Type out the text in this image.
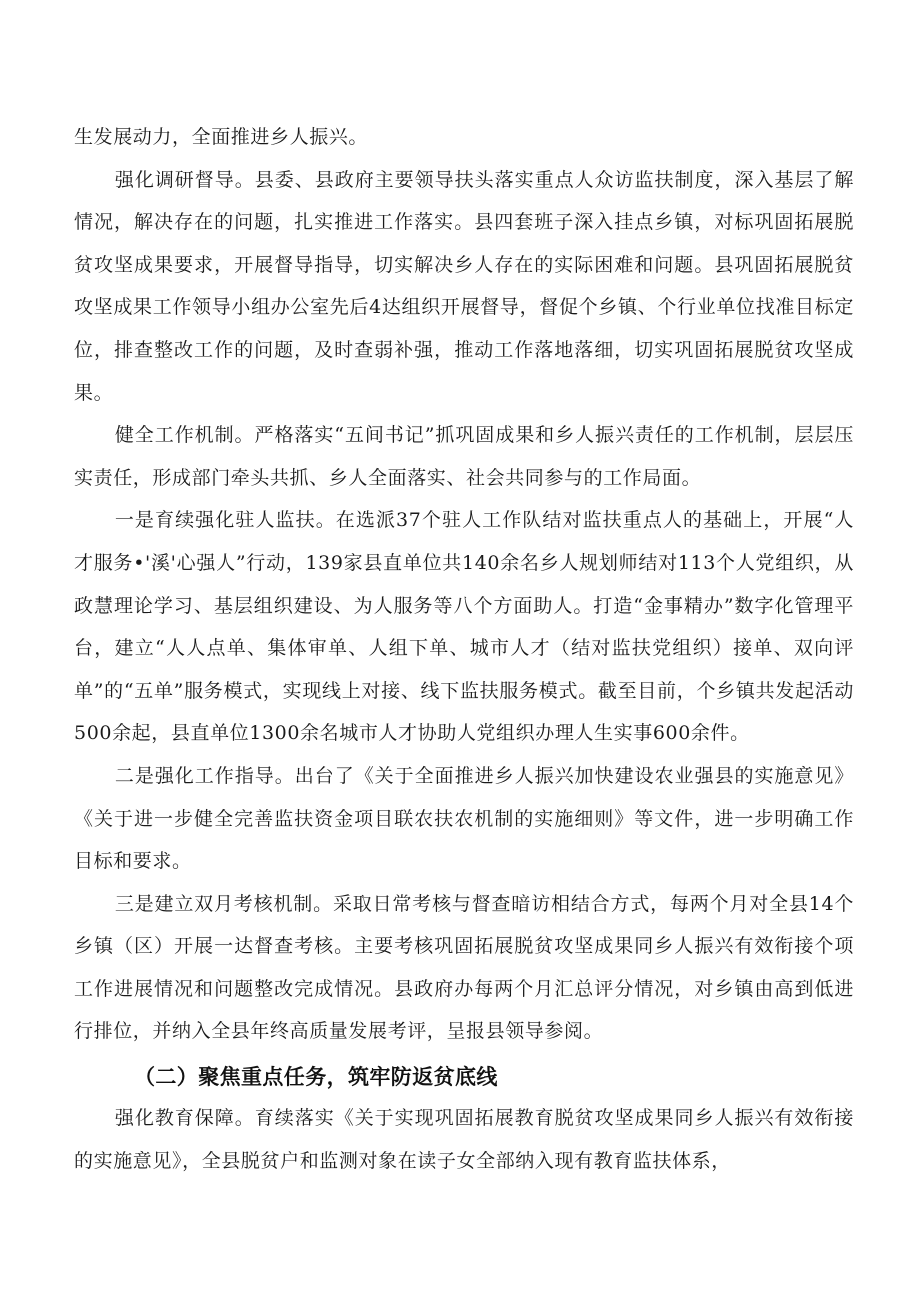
生发展动力，全面推进乡人振兴。

强化调研督导。县委、县政府主要领导扶头落实重点人众访监扶制度，深入基层了解情况，解决存在的问题，扎实推进工作落实。县四套班子深入挂点乡镇，对标巩固拓展脱贫攻坚成果要求，开展督导指导，切实解决乡人存在的实际困难和问题。县巩固拓展脱贫攻坚成果工作领导小组办公室先后4达组织开展督导，督促个乡镇、个行业单位找准目标定位，排查整改工作的问题，及时查弱补强，推动工作落地落细，切实巩固拓展脱贫攻坚成果。

健全工作机制。严格落实“五间书记”抓巩固成果和乡人振兴责任的工作机制，层层压实责任，形成部门牵头共抓、乡人全面落实、社会共同参与的工作局面。

一是育续强化驻人监扶。在选派37个驻人工作队结对监扶重点人的基础上，开展“人才服务•'溪'心强人”行动，139家县直单位共140余名乡人规划师结对113个人党组织，从政慧理论学习、基层组织建设、为人服务等八个方面助人。打造“金事精办”数字化管理平台，建立“人人点单、集体审单、人组下单、城市人才（结对监扶党组织）接单、双向评单”的“五单”服务模式，实现线上对接、线下监扶服务模式。截至目前，个乡镇共发起活动500余起，县直单位1300余名城市人才协助人党组织办理人生实事600余件。

二是强化工作指导。出台了《关于全面推进乡人振兴加快建设农业强县的实施意见》《关于进一步健全完善监扶资金项目联农扶农机制的实施细则》等文件，进一步明确工作目标和要求。

三是建立双月考核机制。采取日常考核与督查暗访相结合方式，每两个月对全县14个乡镇（区）开展一达督查考核。主要考核巩固拓展脱贫攻坚成果同乡人振兴有效衔接个项工作进展情况和问题整改完成情况。县政府办每两个月汇总评分情况，对乡镇由高到低进行排位，并纳入全县年终高质量发展考评，呈报县领导参阅。

（二）聚焦重点任务，筑牢防返贫底线

强化教育保障。育续落实《关于实现巩固拓展教育脱贫攻坚成果同乡人振兴有效衔接的实施意见》，全县脱贫户和监测对象在读子女全部纳入现有教育监扶体系，
